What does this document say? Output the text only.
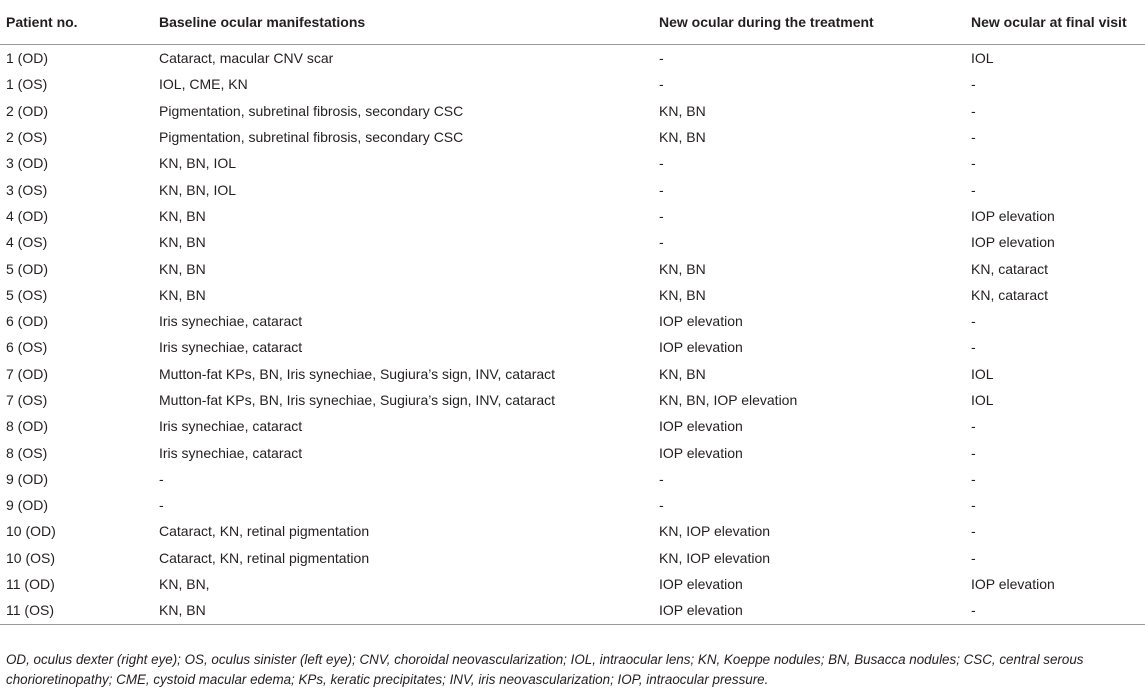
Patient no.	Baseline ocular manifestations	New ocular during the treatment	New ocular at final visit
1 (OD)	Cataract, macular CNV scar	-	IOL
1 (OS)	IOL, CME, KN	-	-
2 (OD)	Pigmentation, subretinal fibrosis, secondary CSC	KN, BN	-
2 (OS)	Pigmentation, subretinal fibrosis, secondary CSC	KN, BN	-
3 (OD)	KN, BN, IOL	-	-
3 (OS)	KN, BN, IOL	-	-
4 (OD)	KN, BN	-	IOP elevation
4 (OS)	KN, BN	-	IOP elevation
5 (OD)	KN, BN	KN, BN	KN, cataract
5 (OS)	KN, BN	KN, BN	KN, cataract
6 (OD)	Iris synechiae, cataract	IOP elevation	-
6 (OS)	Iris synechiae, cataract	IOP elevation	-
7 (OD)	Mutton-fat KPs, BN, Iris synechiae, Sugiura’s sign, INV, cataract	KN, BN	IOL
7 (OS)	Mutton-fat KPs, BN, Iris synechiae, Sugiura’s sign, INV, cataract	KN, BN, IOP elevation	IOL
8 (OD)	Iris synechiae, cataract	IOP elevation	-
8 (OS)	Iris synechiae, cataract	IOP elevation	-
9 (OD)	-	-	-
9 (OD)	-	-	-
10 (OD)	Cataract, KN, retinal pigmentation	KN, IOP elevation	-
10 (OS)	Cataract, KN, retinal pigmentation	KN, IOP elevation	-
11 (OD)	KN, BN,	IOP elevation	IOP elevation
11 (OS)	KN, BN	IOP elevation	-
OD, oculus dexter (right eye); OS, oculus sinister (left eye); CNV, choroidal neovascularization; IOL, intraocular lens; KN, Koeppe nodules; BN, Busacca nodules; CSC, central serous
chorioretinopathy; CME, cystoid macular edema; KPs, keratic precipitates; INV, iris neovascularization; IOP, intraocular pressure.
